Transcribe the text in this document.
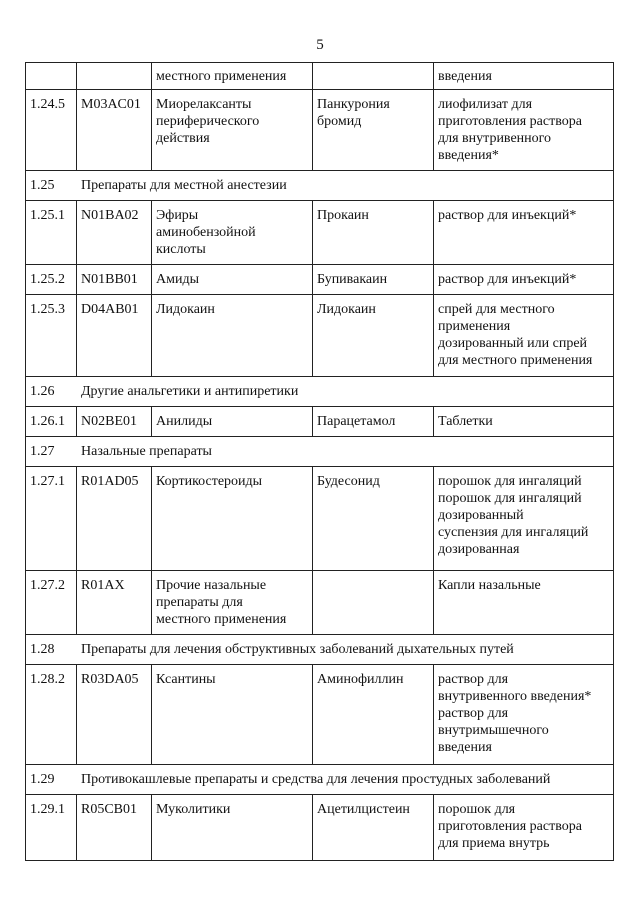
5
		местного применения		введения
1.24.5	M03AC01	Миорелаксанты
периферического
действия	Панкурония
бромид	лиофилизат для
приготовления раствора
для внутривенного
введения*
1.25 Препараты для местной анестезии				
1.25.1	N01BA02	Эфиры
аминобензойной
кислоты	Прокаин	раствор для инъекций*
1.25.2	N01BB01	Амиды	Бупивакаин	раствор для инъекций*
1.25.3	D04AB01	Лидокаин	Лидокаин	спрей для местного
применения
дозированный или спрей
для местного применения
1.26 Другие анальгетики и антипиретики				
1.26.1	N02BE01	Анилиды	Парацетамол	Таблетки
1.27 Назальные препараты				
1.27.1	R01AD05	Кортикостероиды	Будесонид	порошок для ингаляций
порошок для ингаляций
дозированный
суспензия для ингаляций
дозированная
1.27.2	R01AX	Прочие назальные
препараты для
местного применения		Капли назальные
1.28 Препараты для лечения обструктивных заболеваний дыхательных путей				
1.28.2	R03DA05	Ксантины	Аминофиллин	раствор для
внутривенного введения*
раствор для
внутримышечного
введения
1.29 Противокашлевые препараты и средства для лечения простудных заболеваний				
1.29.1	R05CB01	Муколитики	Ацетилцистеин	порошок для
приготовления раствора
для приема внутрь
